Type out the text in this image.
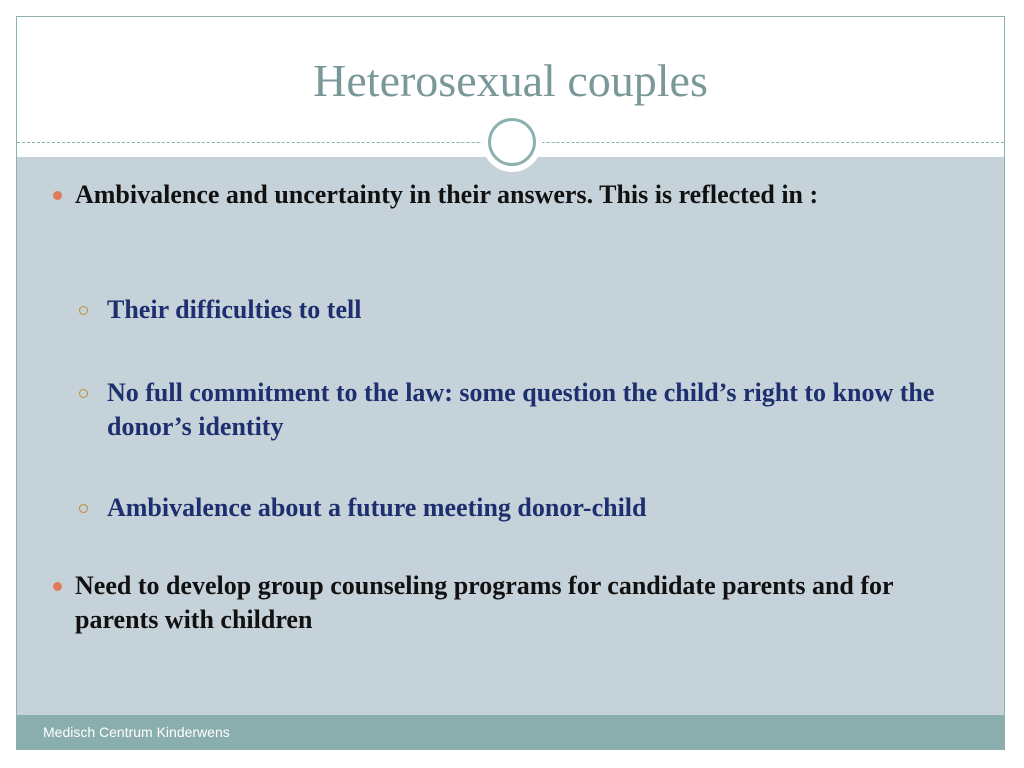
Heterosexual couples
Ambivalence and uncertainty in their answers. This is reflected in :
Their difficulties to tell
No full commitment to the law: some question the child’s right to know the donor’s identity
Ambivalence about a future meeting donor-child
Need to develop group counseling programs for candidate parents and for parents with children
Medisch Centrum Kinderwens
